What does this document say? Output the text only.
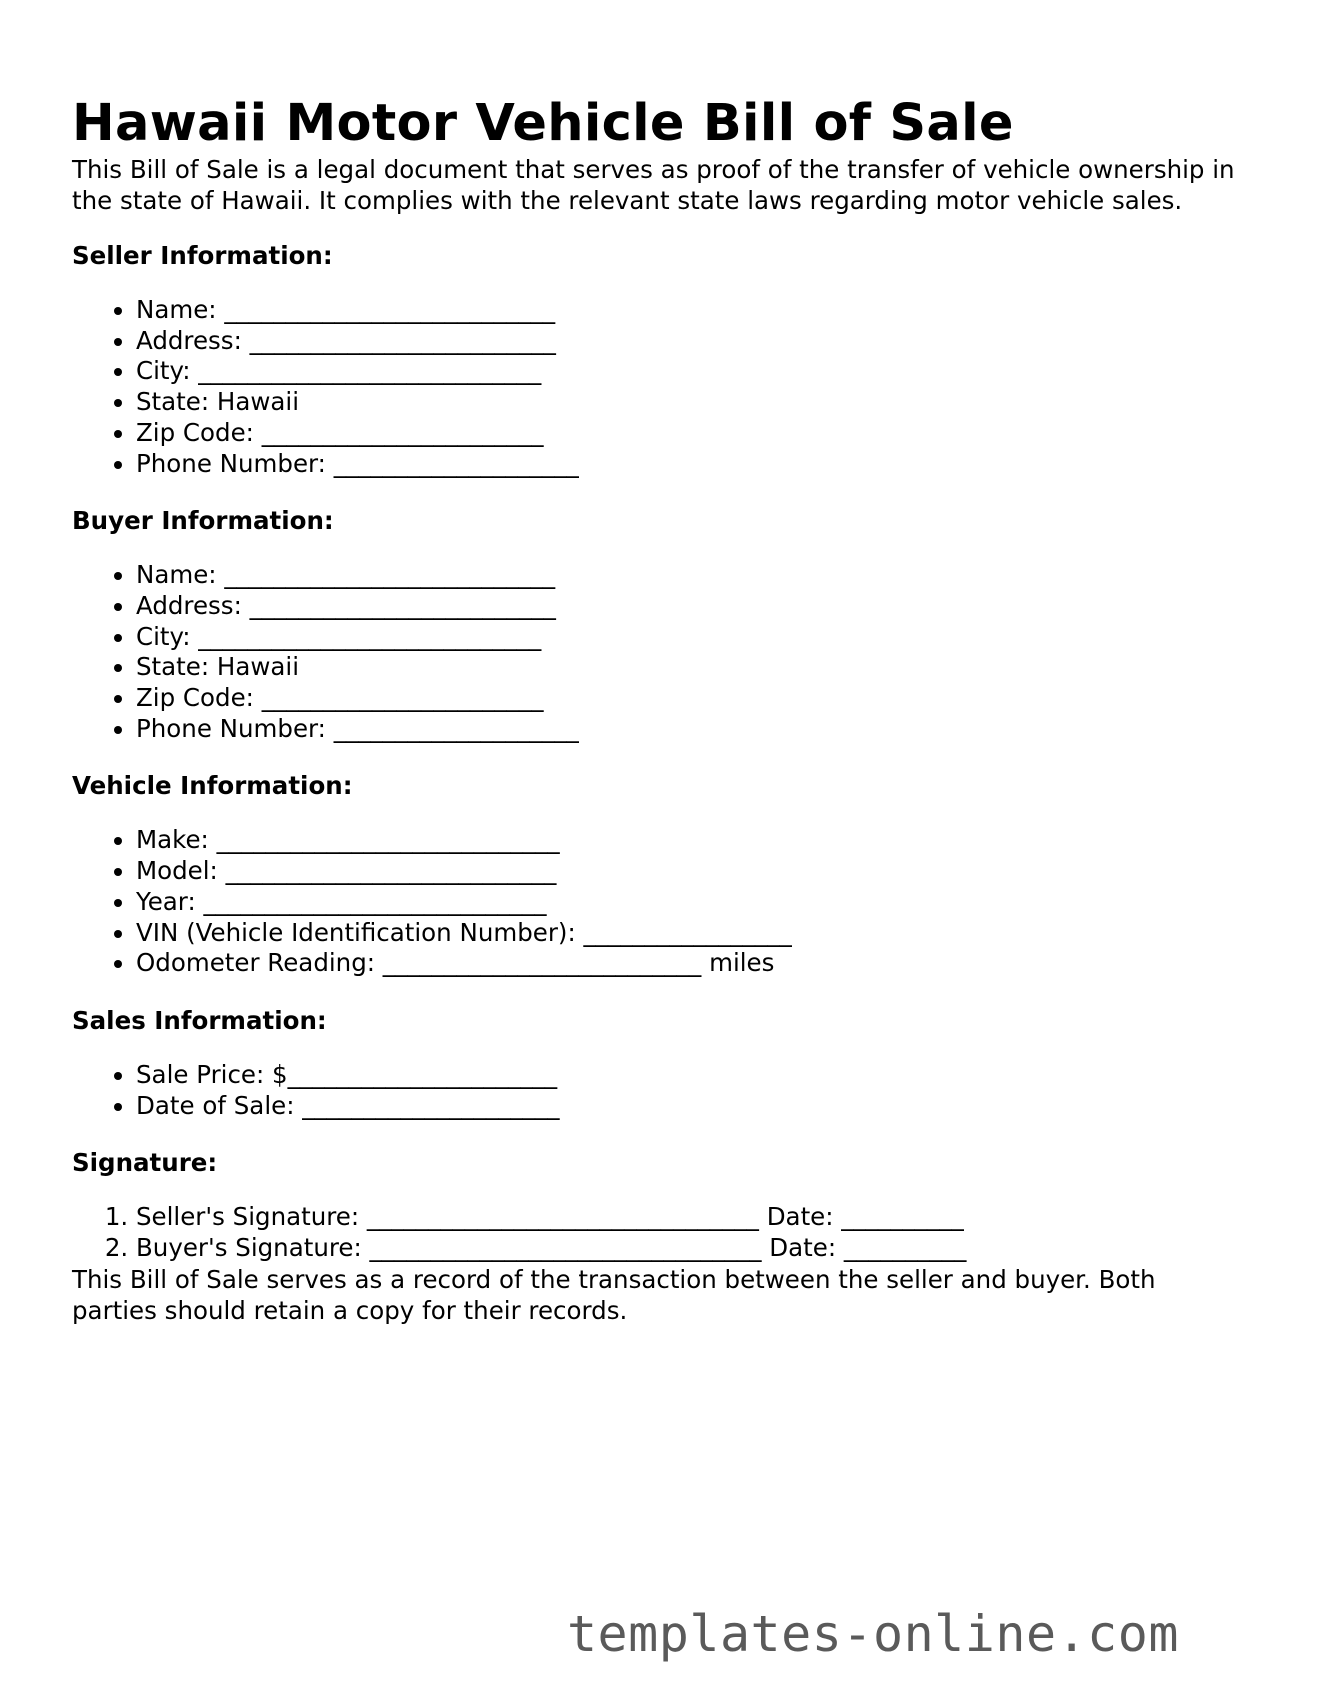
Hawaii Motor Vehicle Bill of Sale

This Bill of Sale is a legal document that serves as proof of the transfer of vehicle ownership in the state of Hawaii. It complies with the relevant state laws regarding motor vehicle sales.

Seller Information:
• Name: ___________________________
• Address: _________________________
• City: ____________________________
• State: Hawaii
• Zip Code: _______________________
• Phone Number: ____________________
Buyer Information:
• Name: ___________________________
• Address: _________________________
• City: ____________________________
• State: Hawaii
• Zip Code: _______________________
• Phone Number: ____________________
Vehicle Information:
• Make: ____________________________
• Model: ___________________________
• Year: ____________________________
• VIN (Vehicle Identification Number): _________________
• Odometer Reading: __________________________ miles
Sales Information:
• Sale Price: $______________________
• Date of Sale: _____________________
Signature:
1. Seller's Signature: ________________________________ Date: __________
2. Buyer's Signature: ________________________________ Date: __________

This Bill of Sale serves as a record of the transaction between the seller and buyer. Both parties should retain a copy for their records.

templates-online.com
